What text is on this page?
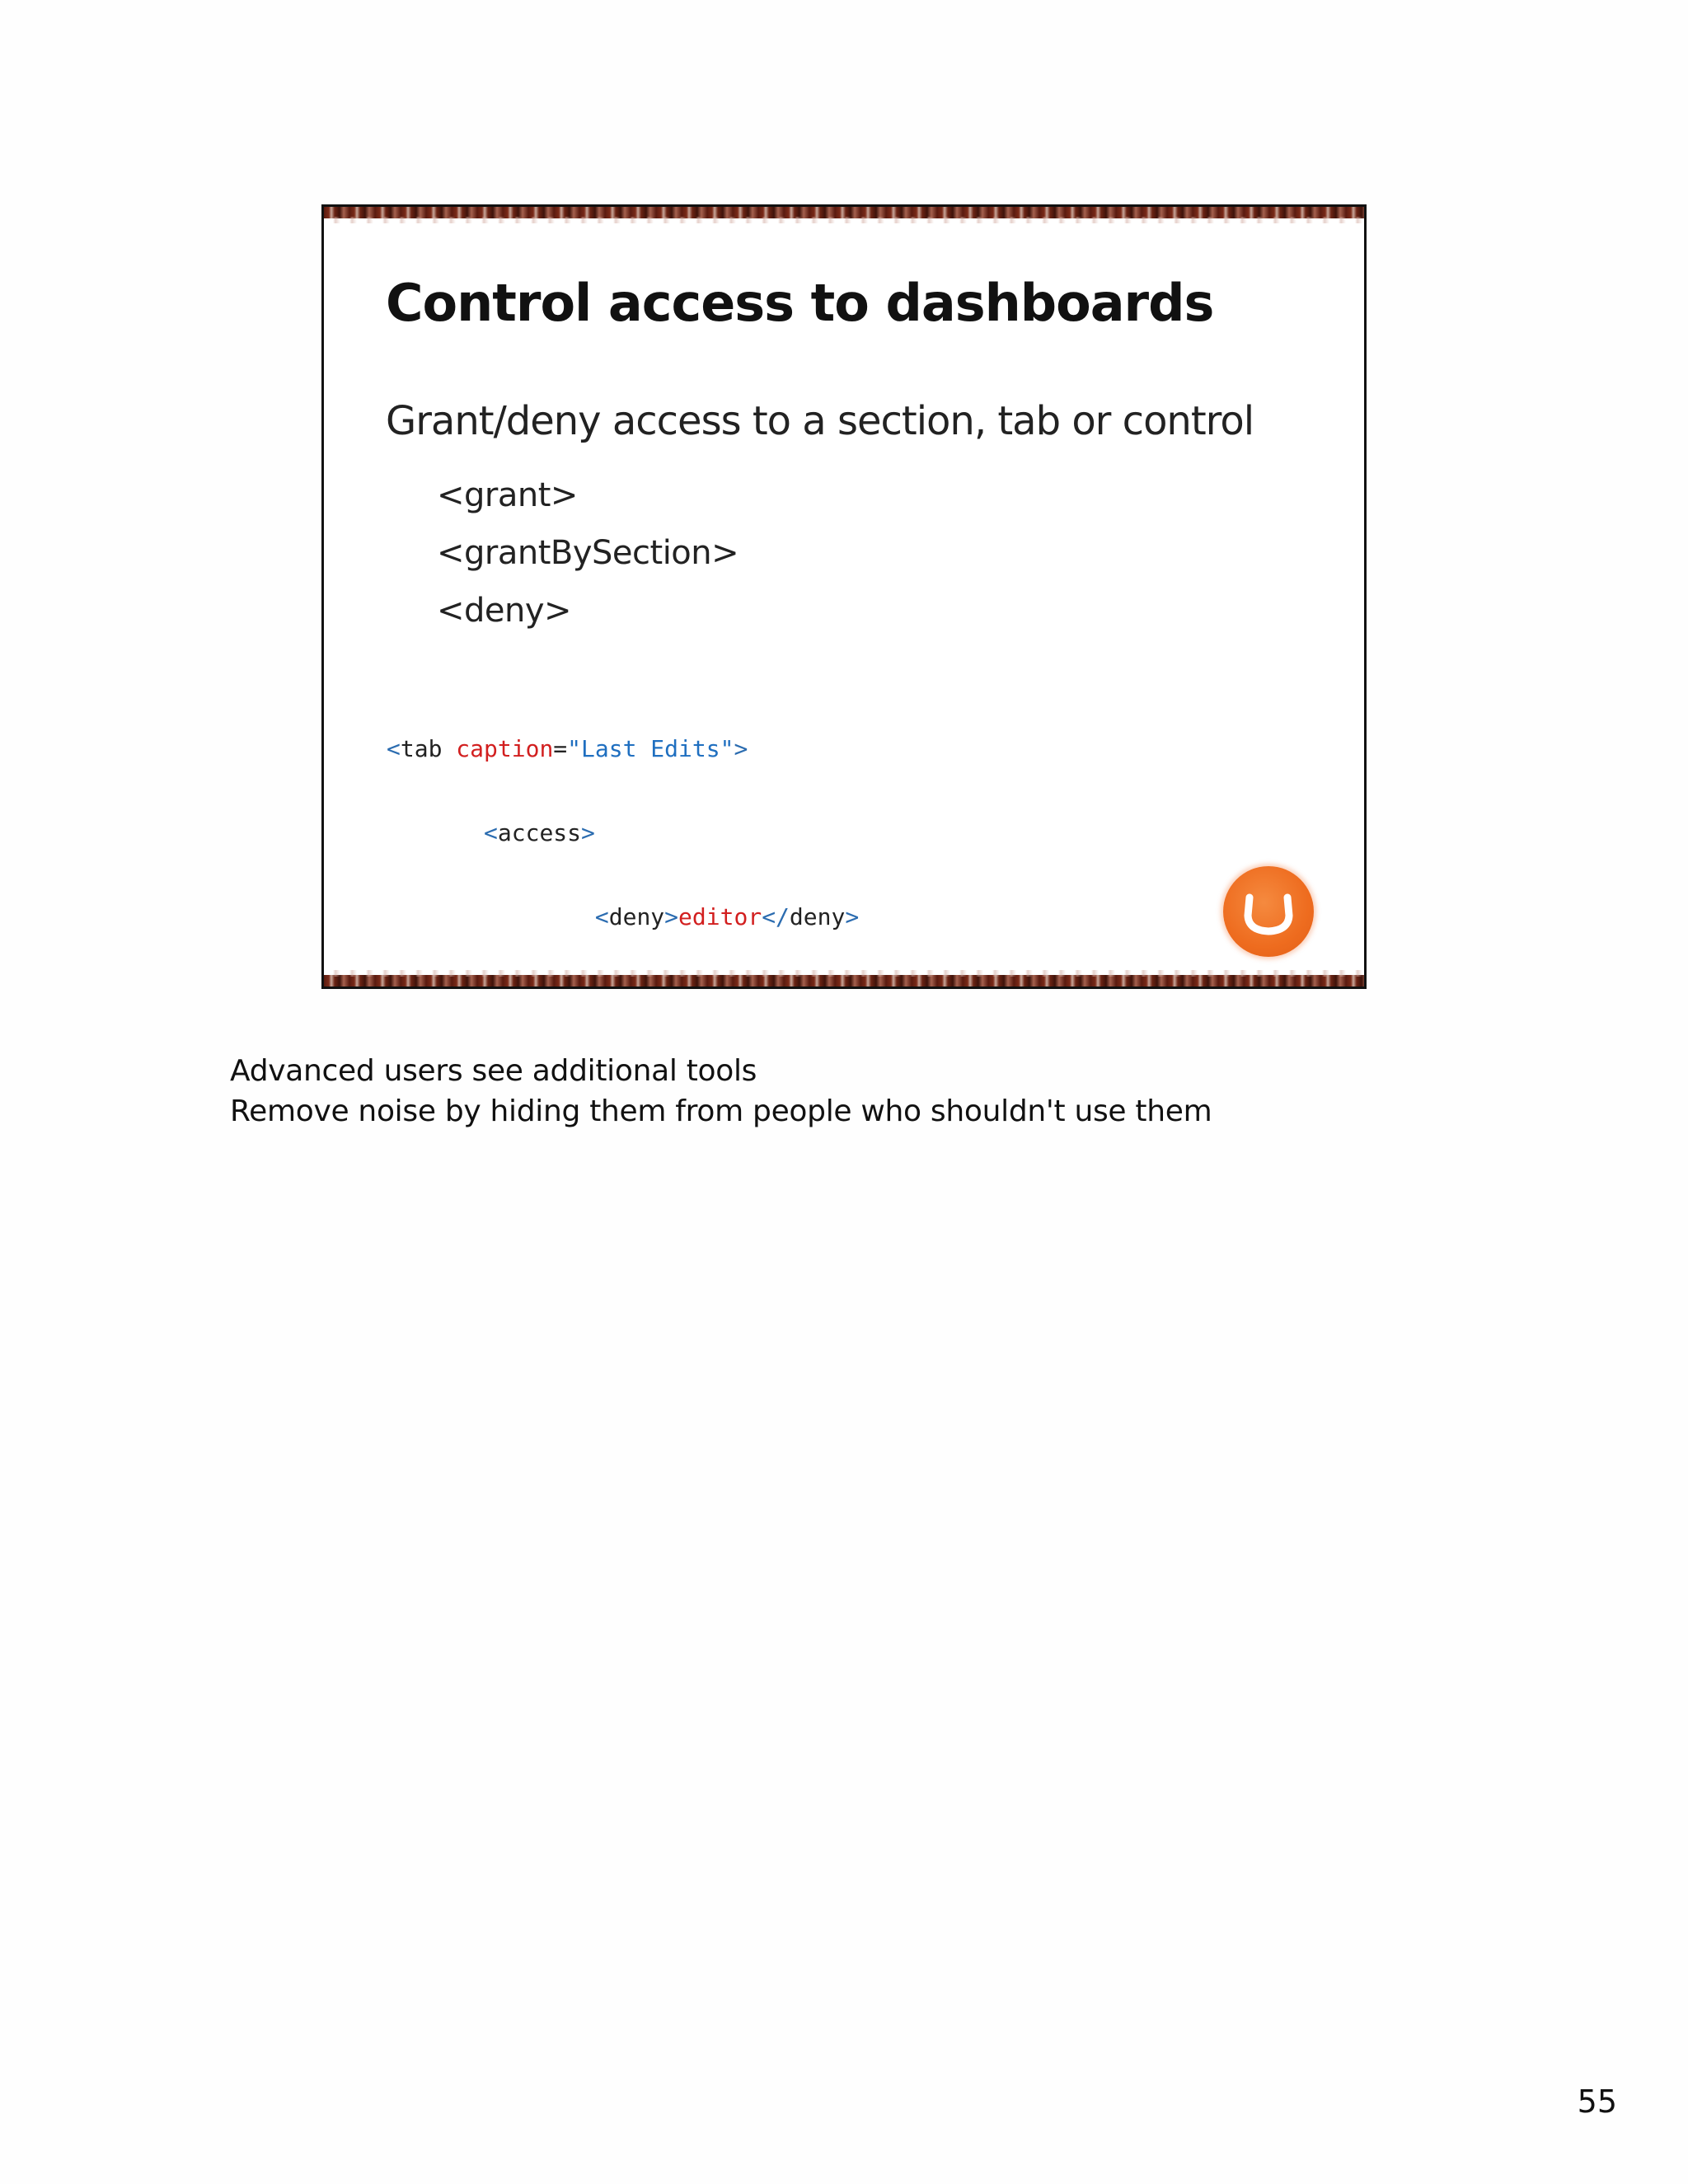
Control access to dashboards
Grant/deny access to a section, tab or control
<grant>
<grantBySection>
<deny>

<tab caption="Last Edits">

<access>

<deny>editor</deny>

Advanced users see additional tools

Remove noise by hiding them from people who shouldn't use them

55
